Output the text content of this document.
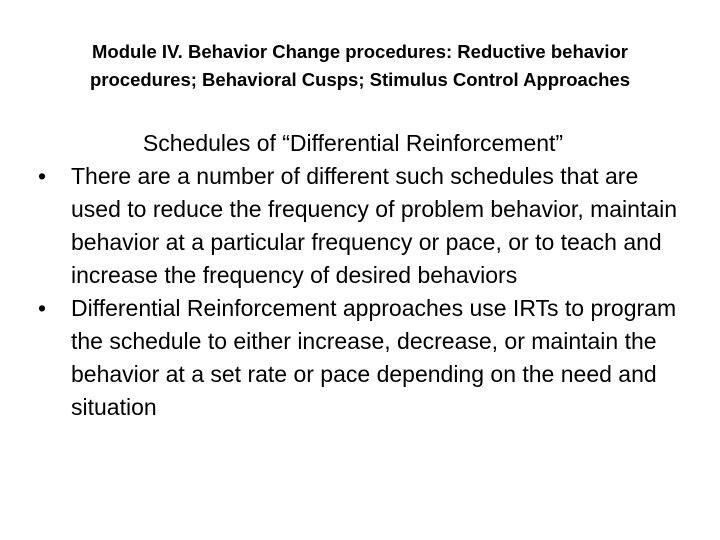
Module IV. Behavior Change procedures: Reductive behavior procedures; Behavioral Cusps; Stimulus Control Approaches
Schedules of “Differential Reinforcement”
• There are a number of different such schedules that are used to reduce the frequency of problem behavior, maintain behavior at a particular frequency or pace, or to teach and increase the frequency of desired behaviors
• Differential Reinforcement approaches use IRTs to program the schedule to either increase, decrease, or maintain the behavior at a set rate or pace depending on the need and situation
